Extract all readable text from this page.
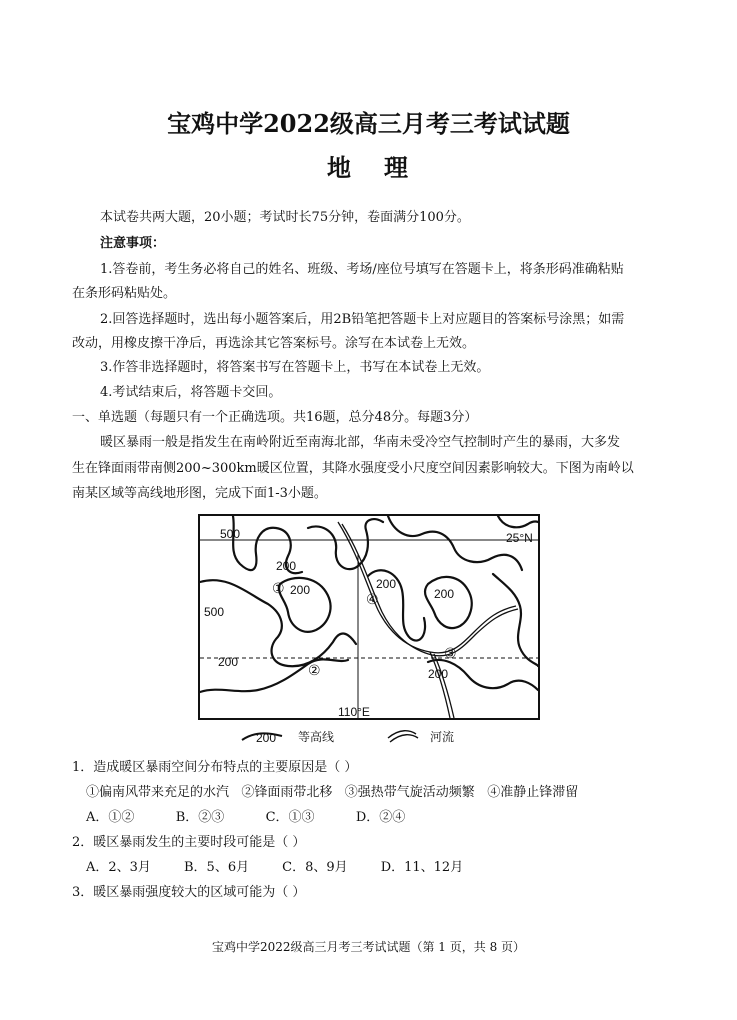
宝鸡中学2022级高三月考三考试试题
地   理
本试卷共两大题，20小题；考试时长75分钟，卷面满分100分。
注意事项：
1.答卷前，考生务必将自己的姓名、班级、考场/座位号填写在答题卡上，将条形码准确粘贴
在条形码粘贴处。
2.回答选择题时，选出每小题答案后，用2B铅笔把答题卡上对应题目的答案标号涂黑；如需
改动，用橡皮擦干净后，再选涂其它答案标号。涂写在本试卷上无效。
3.作答非选择题时，将答案书写在答题卡上，书写在本试卷上无效。
4.考试结束后，将答题卡交回。
一、单选题（每题只有一个正确选项。共16题，总分48分。每题3分）
暖区暴雨一般是指发生在南岭附近至南海北部，华南未受冷空气控制时产生的暴雨，大多发
生在锋面雨带南侧200~300km暖区位置，其降水强度受小尺度空间因素影响较大。下图为南岭以
南某区域等高线地形图，完成下面1-3小题。
500
500
200
200
200
200
200
200
25°N
110°E
①
②
③
④
200 等高线	河流
1．造成暖区暴雨空间分布特点的主要原因是（ ）
①偏南风带来充足的水汽   ②锋面雨带北移   ③强热带气旋活动频繁   ④准静止锋滞留
A．①②          B．②③          C．①③          D．②④
2．暖区暴雨发生的主要时段可能是（ ）
A．2、3月        B．5、6月        C．8、9月        D．11、12月
3．暖区暴雨强度较大的区域可能为（ ）
宝鸡中学2022级高三月考三考试试题（第 1 页，共 8 页）
